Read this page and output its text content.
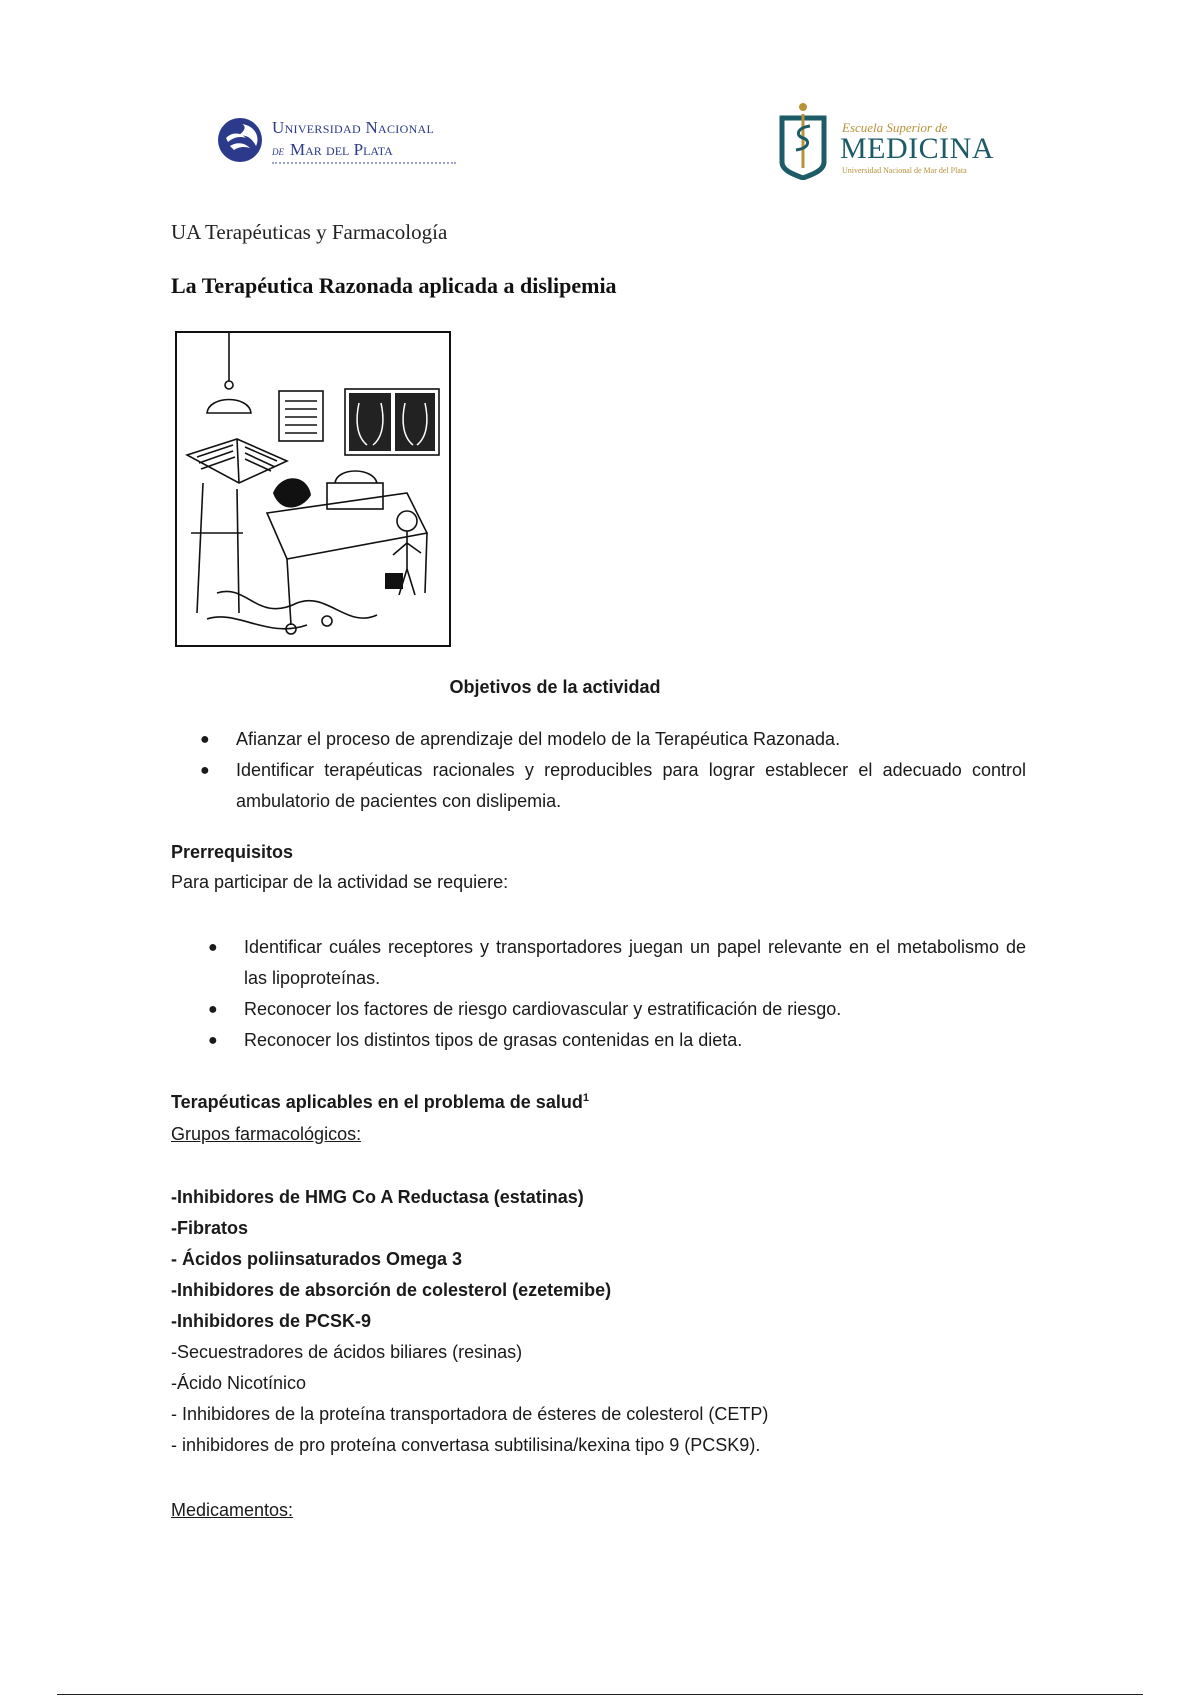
Universidad Nacional
de Mar del Plata
Escuela Superior de
MEDICINA
Universidad Nacional de Mar del Plata
UA Terapéuticas y Farmacología
La Terapéutica Razonada aplicada a dislipemia
Objetivos de la actividad
● Afianzar el proceso de aprendizaje del modelo de la Terapéutica Razonada.
● Identificar terapéuticas racionales y reproducibles para lograr establecer el adecuado control ambulatorio de pacientes con dislipemia.
Prerrequisitos
Para participar de la actividad se requiere:
● Identificar cuáles receptores y transportadores juegan un papel relevante en el metabolismo de las lipoproteínas.
● Reconocer los factores de riesgo cardiovascular y estratificación de riesgo.
● Reconocer los distintos tipos de grasas contenidas en la dieta.
Terapéuticas aplicables en el problema de salud$^1$
Grupos farmacológicos:
-Inhibidores de HMG Co A Reductasa (estatinas)
-Fibratos
- Ácidos poliinsaturados Omega 3
-Inhibidores de absorción de colesterol (ezetemibe)
-Inhibidores de PCSK-9
-Secuestradores de ácidos biliares (resinas)
-Ácido Nicotínico
- Inhibidores de la proteína transportadora de ésteres de colesterol (CETP)
- inhibidores de pro proteína convertasa subtilisina/kexina tipo 9 (PCSK9).
Medicamentos:
